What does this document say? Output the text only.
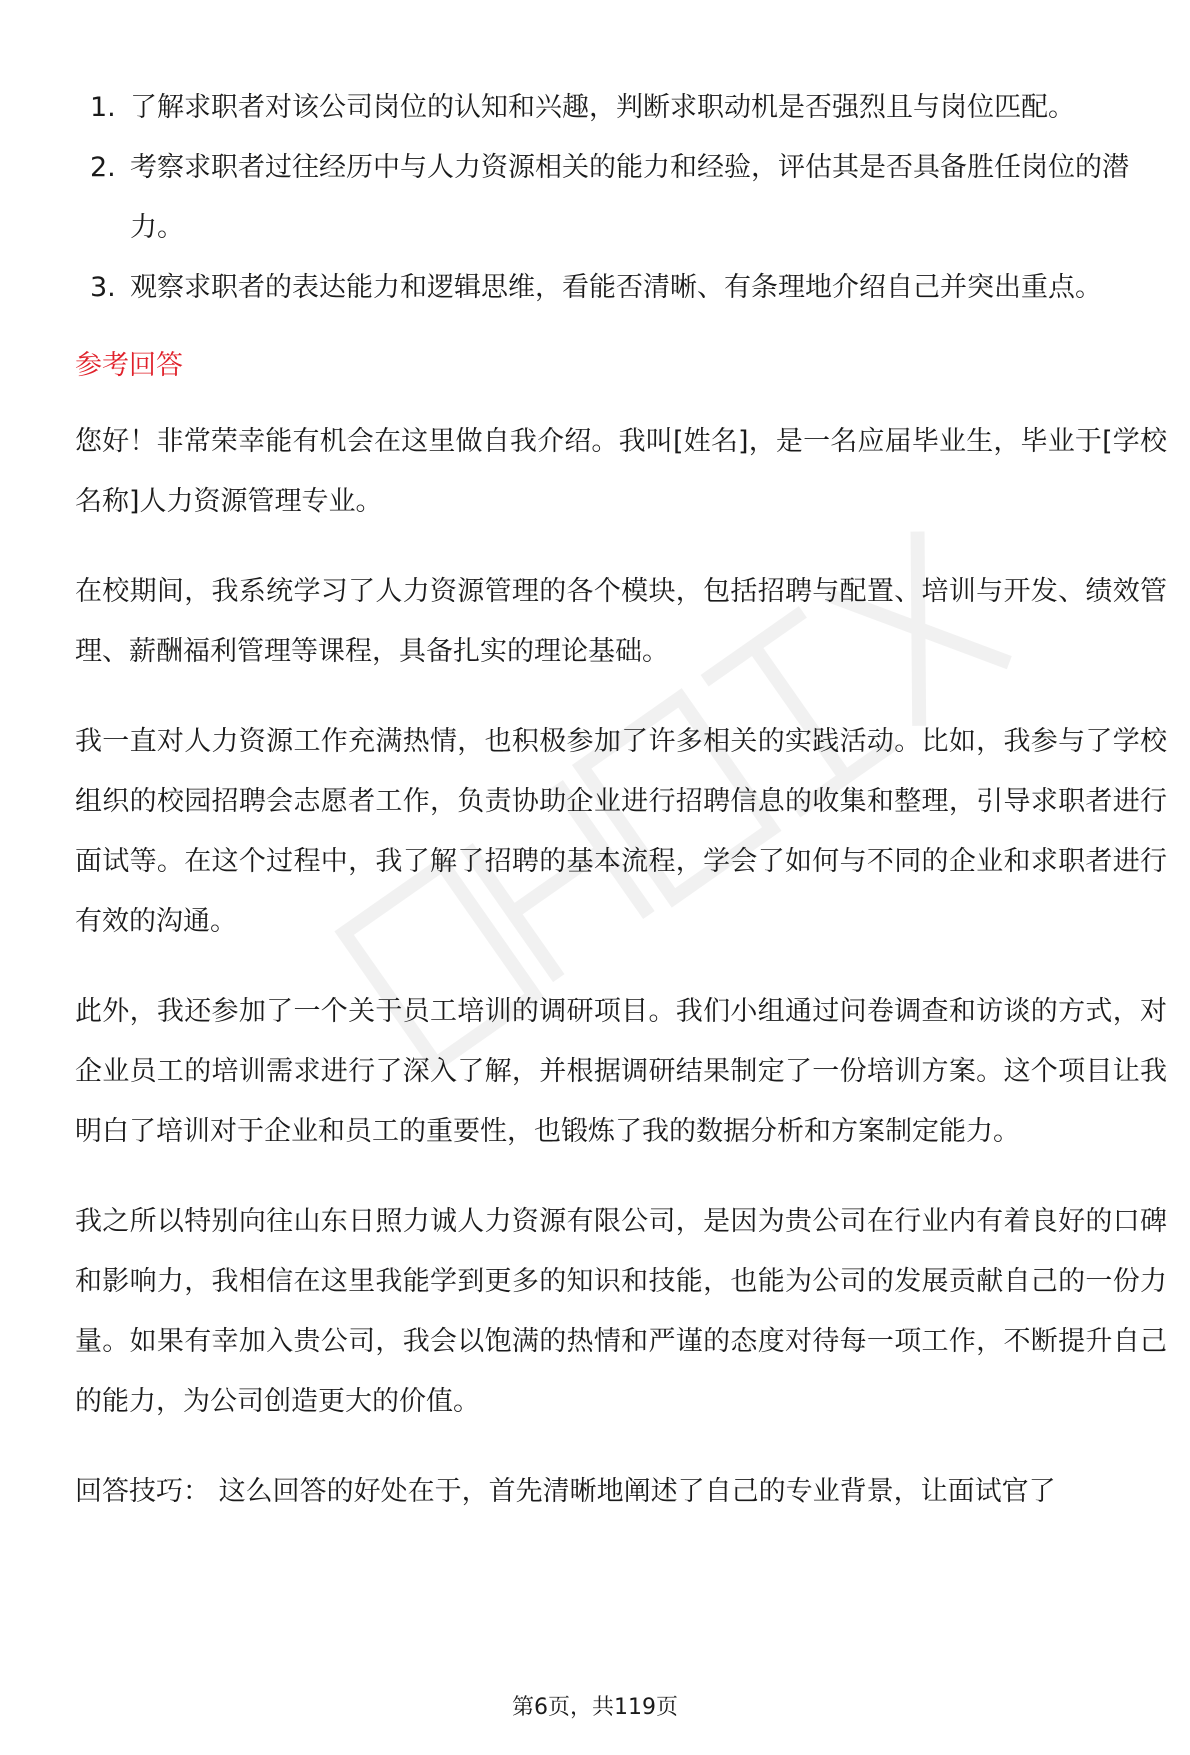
1. 了解求职者对该公司岗位的认知和兴趣，判断求职动机是否强烈且与岗位匹配。
2. 考察求职者过往经历中与人力资源相关的能力和经验，评估其是否具备胜任岗位的潜力。
3. 观察求职者的表达能力和逻辑思维，看能否清晰、有条理地介绍自己并突出重点。
参考回答

您好！非常荣幸能有机会在这里做自我介绍。我叫[姓名]，是一名应届毕业生，毕业于[学校名称]人力资源管理专业。

在校期间，我系统学习了人力资源管理的各个模块，包括招聘与配置、培训与开发、绩效管理、薪酬福利管理等课程，具备扎实的理论基础。

我一直对人力资源工作充满热情，也积极参加了许多相关的实践活动。比如，我参与了学校组织的校园招聘会志愿者工作，负责协助企业进行招聘信息的收集和整理，引导求职者进行面试等。在这个过程中，我了解了招聘的基本流程，学会了如何与不同的企业和求职者进行有效的沟通。

此外，我还参加了一个关于员工培训的调研项目。我们小组通过问卷调查和访谈的方式，对企业员工的培训需求进行了深入了解，并根据调研结果制定了一份培训方案。这个项目让我明白了培训对于企业和员工的重要性，也锻炼了我的数据分析和方案制定能力。

我之所以特别向往山东日照力诚人力资源有限公司，是因为贵公司在行业内有着良好的口碑和影响力，我相信在这里我能学到更多的知识和技能，也能为公司的发展贡献自己的一份力量。如果有幸加入贵公司，我会以饱满的热情和严谨的态度对待每一项工作，不断提升自己的能力，为公司创造更大的价值。

回答技巧： 这么回答的好处在于，首先清晰地阐述了自己的专业背景，让面试官了

第6页，共119页
